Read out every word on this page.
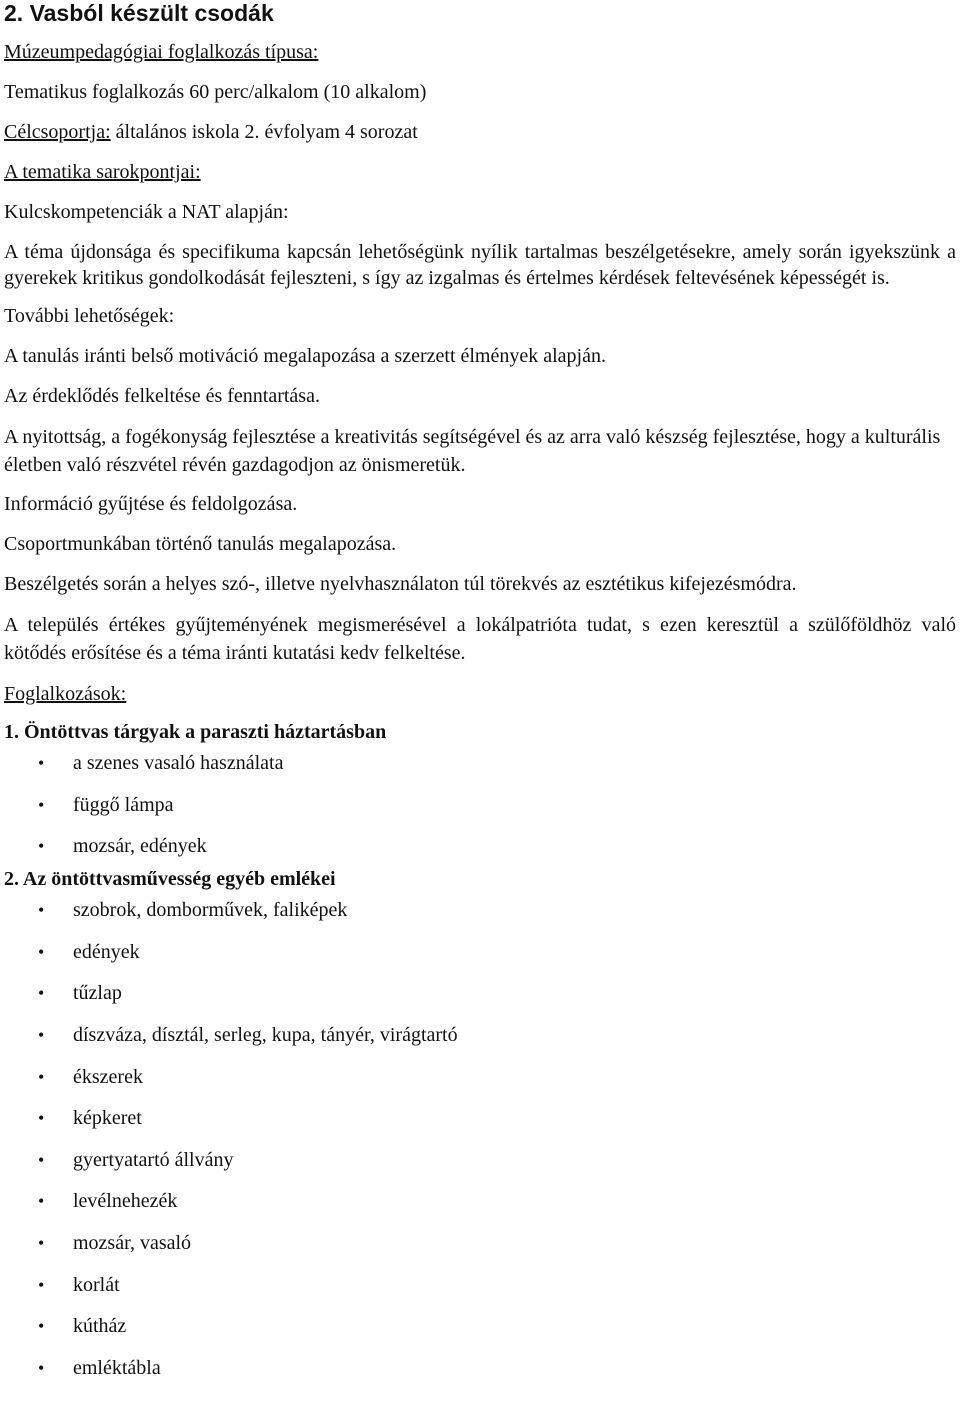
2. Vasból készült csodák

Múzeumpedagógiai foglalkozás típusa:

Tematikus foglalkozás 60 perc/alkalom (10 alkalom)

Célcsoportja: általános iskola 2. évfolyam 4 sorozat

A tematika sarokpontjai:

Kulcskompetenciák a NAT alapján:

A téma újdonsága és specifikuma kapcsán lehetőségünk nyílik tartalmas beszélgetésekre, amely során igyekszünk a gyerekek kritikus gondolkodását fejleszteni, s így az izgalmas és értelmes kérdések feltevésének képességét is.

További lehetőségek:

A tanulás iránti belső motiváció megalapozása a szerzett élmények alapján.

Az érdeklődés felkeltése és fenntartása.

A nyitottság, a fogékonyság fejlesztése a kreativitás segítségével és az arra való készség fejlesztése, hogy a kulturális életben való részvétel révén gazdagodjon az önismeretük.

Információ gyűjtése és feldolgozása.

Csoportmunkában történő tanulás megalapozása.

Beszélgetés során a helyes szó-, illetve nyelvhasználaton túl törekvés az esztétikus kifejezésmódra.

A település értékes gyűjteményének megismerésével a lokálpatrióta tudat, s ezen keresztül a szülőföldhöz való kötődés erősítése és a téma iránti kutatási kedv felkeltése.

Foglalkozások:

1. Öntöttvas tárgyak a paraszti háztartásban

• a szenes vasaló használata
• függő lámpa
• mozsár, edények

2. Az öntöttvasművesség egyéb emlékei

• szobrok, domborművek, faliképek
• edények
• tűzlap
• díszváza, dísztál, serleg, kupa, tányér, virágtartó
• ékszerek
• képkeret
• gyertyatartó állvány
• levélnehezék
• mozsár, vasaló
• korlát
• kútház
• emléktábla
